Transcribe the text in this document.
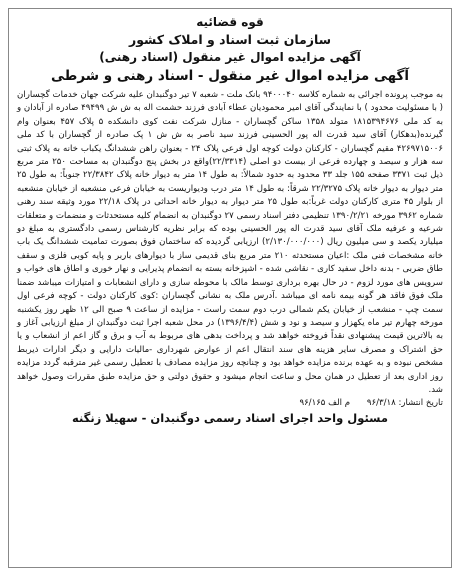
قوه قضائیه
سازمان ثبت اسناد و املاک کشور
آگهی مزایده اموال غیر منقول (اسناد رهنی)
آگهی مزایده اموال غیر منقول - اسناد رهنی و شرطی

به موجب پرونده اجرائی به شماره کلاسه ۹۴۰۰۰۴۰ بانک ملت - شعبه ۷ تیر دوگنبدان علیه شرکت جهان خدمات گچساران ( با مسئولیت محدود ) با نمایندگی آقای امیر محمودیان عطاء آبادی فرزند حشمت اله به ش ش ۴۹۴۹۹ صادره از آبادان و به کد ملی ۱۸۱۵۳۹۴۶۷۶ متولد ۱۳۵۸ ساکن گچساران - منازل شرکت نفت کوی دانشکده ۵ پلاک ۴۵۷ بعنوان وام گیرنده(بدهکار) آقای سید قدرت اله پور الحسینی فرزند سید ناصر به ش ش ۱ پک صادره از گچساران با کد ملی ۴۲۶۹۷۱۵۰۰۶ مقیم گچساران - کارکنان دولت کوچه اول فرعی پلاک ۲۴ - بعنوان راهن ششدانگ یکباب خانه به پلاک ثبتی سه هزار و سیصد و چهارده فرعی از بیست دو اصلی (۲۲/۳۳۱۴)واقع در بخش پنج دوگنبدان به مساحت ۲۵۰ متر مربع ذیل ثبت ۳۳۷۱ صفحه ۱۵۵ جلد ۳۳ محدود به حدود شمالاً: به طول ۱۴ متر به دیوار خانه پلاک ۲۲/۳۸۴۲ جنوباً: به طول ۲۵ متر دیوار به دیوار خانه پلاک ۲۲/۳۲۷۵ شرقاً: به طول ۱۴ متر درب ودیواریست به خیابان فرعی منشعبه از خیابان منشعبه از بلوار ۴۵ متری کارکنان دولت غرباً:به طول ۲۵ متر دیوار به دیوار خانه احداثی در پلاک ۲۲/۱۸ مورد وثیقه سند رهنی شماره ۳۹۶۲ مورخه ۱۳۹۰/۲/۲۱ تنظیمی دفتر اسناد رسمی ۲۷ دوگنبدان به انضمام کلیه مستحدثات و منضمات و متعلقات شرعیه و عرفیه ملک آقای سید قدرت اله پور الحسینی بوده که برابر نظریه کارشناس رسمی دادگستری به مبلغ دو میلیارد یکصد و سی میلیون ریال (۲/۱۳۰/۰۰۰/۰۰۰) ارزیابی گردیده که ساختمان فوق بصورت تمامیت ششدانگ یک باب خانه مشخصات فنی ملک :اعیان مستحدثه ۲۱۰ متر مربع بنای قدیمی ساز با دیوارهای باربر و پایه کوبی فلزی و سقف طاق ضربی - بدنه داخل سفید کاری - نقاشی شده - اشپزخانه بسته به انضمام پذیرایی و نهار خوری و اطاق های خواب و سرویس های مورد لزوم - در حال بهره برداری توسط مالک با محوطه سازی و دارای انشعابات و امتیازات میباشد ضمنا ملک فوق فاقد هر گونه بیمه نامه ای میباشد .آدرس ملک به نشانی گچساران :کوی کارکنان دولت - کوچه فرعی اول سمت چپ - منشعب از خیابان یکم شمالی درب دوم سمت راست - مزایده از ساعت ۹ صبح الی ۱۲ ظهر روز یکشنبه مورخه چهارم تیر ماه یکهزار و سیصد و نود و شش (۱۳۹۶/۴/۴) در محل شعبه اجرا ثبت دوگنبدان از مبلغ ارزیابی آغاز و به بالاترین قیمت پیشنهادی نقداً فروخته خواهد شد و پرداخت بدهی های مربوط به آب و برق و گاز اعم از انشعاب و یا حق اشتراک و مصرف سایر هزینه های سند انتقال اعم از عوارض شهرداری -مالیات دارایی و دیگر ادارات ذیربط مشخص نبوده و به عهده برنده مزایده خواهد بود و چنانچه روز مزایده مصادف با تعطیل رسمی غیر مترقبه گردد مزایده روز اداری بعد از تعطیل در همان محل و ساعت انجام میشود و حقوق دولتی و حق مزایده طبق مقررات وصول خواهد شد.

تاریخ انتشار: ۹۶/۳/۱۸ م الف ۹۶/۱۶۵
مسئول واحد اجرای اسناد رسمی دوگنبدان - سهیلا زنگنه
